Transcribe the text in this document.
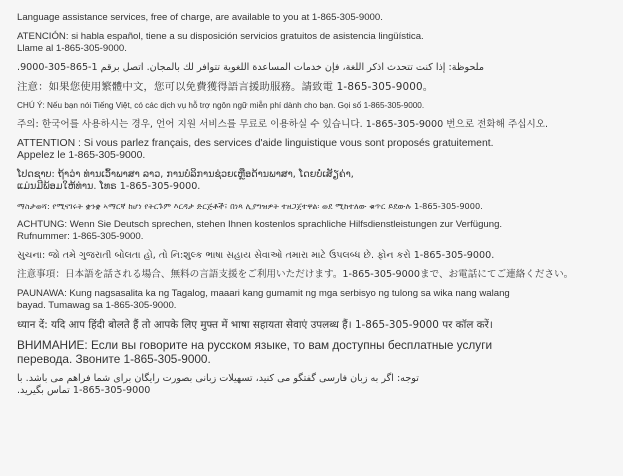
Language assistance services, free of charge, are available to you at 1-865-305-9000.

ATENCIÓN: si habla español, tiene a su disposición servicios gratuitos de asistencia lingüística.
Llame al 1-865-305-9000.

ملحوظة: إذا كنت تتحدث اذكر اللغة، فإن خدمات المساعدة اللغوية تتوافر لك بالمجان. اتصل برقم 1-865-305-9000.

注意：如果您使用繁體中文，您可以免費獲得語言援助服務。請致電 1-865-305-9000。

CHÚ Ý: Nếu bạn nói Tiếng Việt, có các dịch vụ hỗ trợ ngôn ngữ miễn phí dành cho bạn. Gọi số 1-865-305-9000.

주의: 한국어를 사용하시는 경우, 언어 지원 서비스를 무료로 이용하실 수 있습니다. 1-865-305-9000 번으로 전화해 주십시오.

ATTENTION : Si vous parlez français, des services d'aide linguistique vous sont proposés gratuitement.
Appelez le 1-865-305-9000.

ໂປດຊາບ: ຖ້າວ່າ ທ່ານເວົ້າພາສາ ລາວ, ການບໍລິການຊ່ວຍເຫຼືອດ້ານພາສາ, ໂດຍບໍ່ເສັຽຄ່າ,
ແມ່ນມີພ້ອມໃຫ້ທ່ານ. ໂທຣ 1-865-305-9000.

ማስታወሻ: የሚናገሩት ቋንቋ ኣማርኛ ከሆነ የትርጉም እርዳታ ድርጅቶች፣ በነጻ ሊያግዝዎት ተዘጋጀተዋል፡ ወደ ሚከተለው ቁጥር ይደውሉ 1-865-305-9000.

ACHTUNG: Wenn Sie Deutsch sprechen, stehen Ihnen kostenlos sprachliche Hilfsdienstleistungen zur Verfügung.
Rufnummer: 1-865-305-9000.

સુચના: જો તમે ગુજરાતી બોલતા હો, તો નિ:શુલ્ક ભાષા સહાય સેવાઓ તમારા માટે ઉપલબ્ધ છે. ફોન કરો 1-865-305-9000.

注意事項：日本語を話される場合、無料の言語支援をご利用いただけます。1-865-305-9000まで、お電話にてご連絡ください。

PAUNAWA: Kung nagsasalita ka ng Tagalog, maaari kang gumamit ng mga serbisyo ng tulong sa wika nang walang
bayad. Tumawag sa 1-865-305-9000.

ध्यान दें: यदि आप हिंदी बोलते हैं तो आपके लिए मुफ्त में भाषा सहायता सेवाएं उपलब्ध हैं। 1-865-305-9000 पर कॉल करें।

ВНИМАНИЕ: Если вы говорите на русском языке, то вам доступны бесплатные услуги
перевода. Звоните 1-865-305-9000.

توجه: اگر به زبان فارسی گفتگو می کنید، تسهیلات زبانی بصورت رایگان برای شما فراهم می باشد. با
1-865-305-9000 تماس بگیرید.
